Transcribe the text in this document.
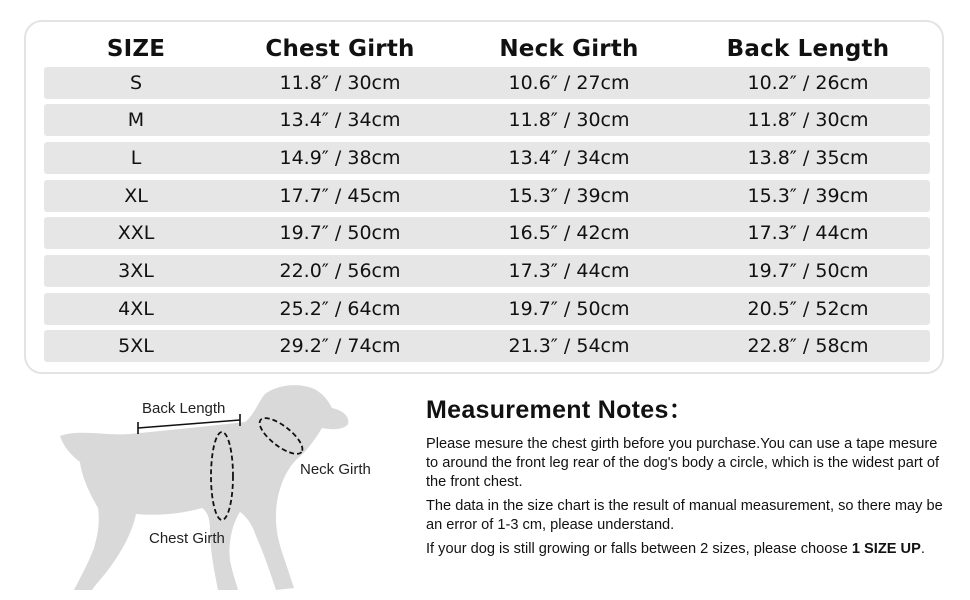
SIZE	Chest Girth	Neck Girth	Back Length
S	11.8″ / 30cm	10.6″ / 27cm	10.2″ / 26cm
M	13.4″ / 34cm	11.8″ / 30cm	11.8″ / 30cm
L	14.9″ / 38cm	13.4″ / 34cm	13.8″ / 35cm
XL	17.7″ / 45cm	15.3″ / 39cm	15.3″ / 39cm
XXL	19.7″ / 50cm	16.5″ / 42cm	17.3″ / 44cm
3XL	22.0″ / 56cm	17.3″ / 44cm	19.7″ / 50cm
4XL	25.2″ / 64cm	19.7″ / 50cm	20.5″ / 52cm
5XL	29.2″ / 74cm	21.3″ / 54cm	22.8″ / 58cm
Back Length
Neck Girth
Chest Girth
Measurement Notes：

Please mesure the chest girth before you purchase.You can use a tape mesure to around the front leg rear of the dog's body a circle, which is the widest part of the front chest.

The data in the size chart is the result of manual measurement, so there may be an error of 1-3 cm, please understand.

If your dog is still growing or falls between 2 sizes, please choose 1 SIZE UP.
